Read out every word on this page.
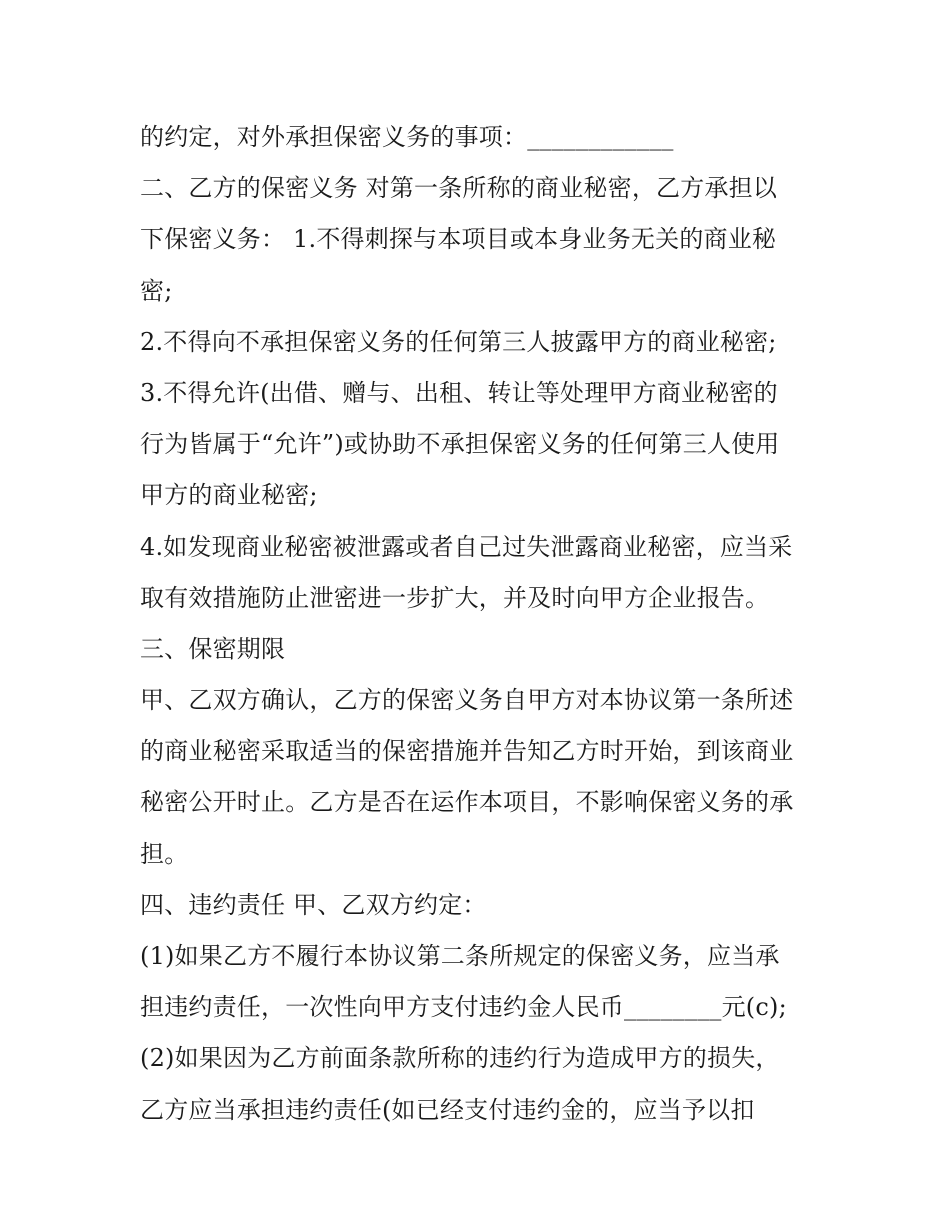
的约定，对外承担保密义务的事项：____________
二、乙方的保密义务 对第一条所称的商业秘密，乙方承担以
下保密义务： 1.不得刺探与本项目或本身业务无关的商业秘
密;
2.不得向不承担保密义务的任何第三人披露甲方的商业秘密;
3.不得允许(出借、赠与、出租、转让等处理甲方商业秘密的
行为皆属于“允许”)或协助不承担保密义务的任何第三人使用
甲方的商业秘密;
4.如发现商业秘密被泄露或者自己过失泄露商业秘密，应当采
取有效措施防止泄密进一步扩大，并及时向甲方企业报告。
三、保密期限
甲、乙双方确认，乙方的保密义务自甲方对本协议第一条所述
的商业秘密采取适当的保密措施并告知乙方时开始，到该商业
秘密公开时止。乙方是否在运作本项目，不影响保密义务的承
担。
四、违约责任 甲、乙双方约定：
(1)如果乙方不履行本协议第二条所规定的保密义务，应当承
担违约责任，一次性向甲方支付违约金人民币________元(c);
(2)如果因为乙方前面条款所称的违约行为造成甲方的损失，
乙方应当承担违约责任(如已经支付违约金的，应当予以扣
